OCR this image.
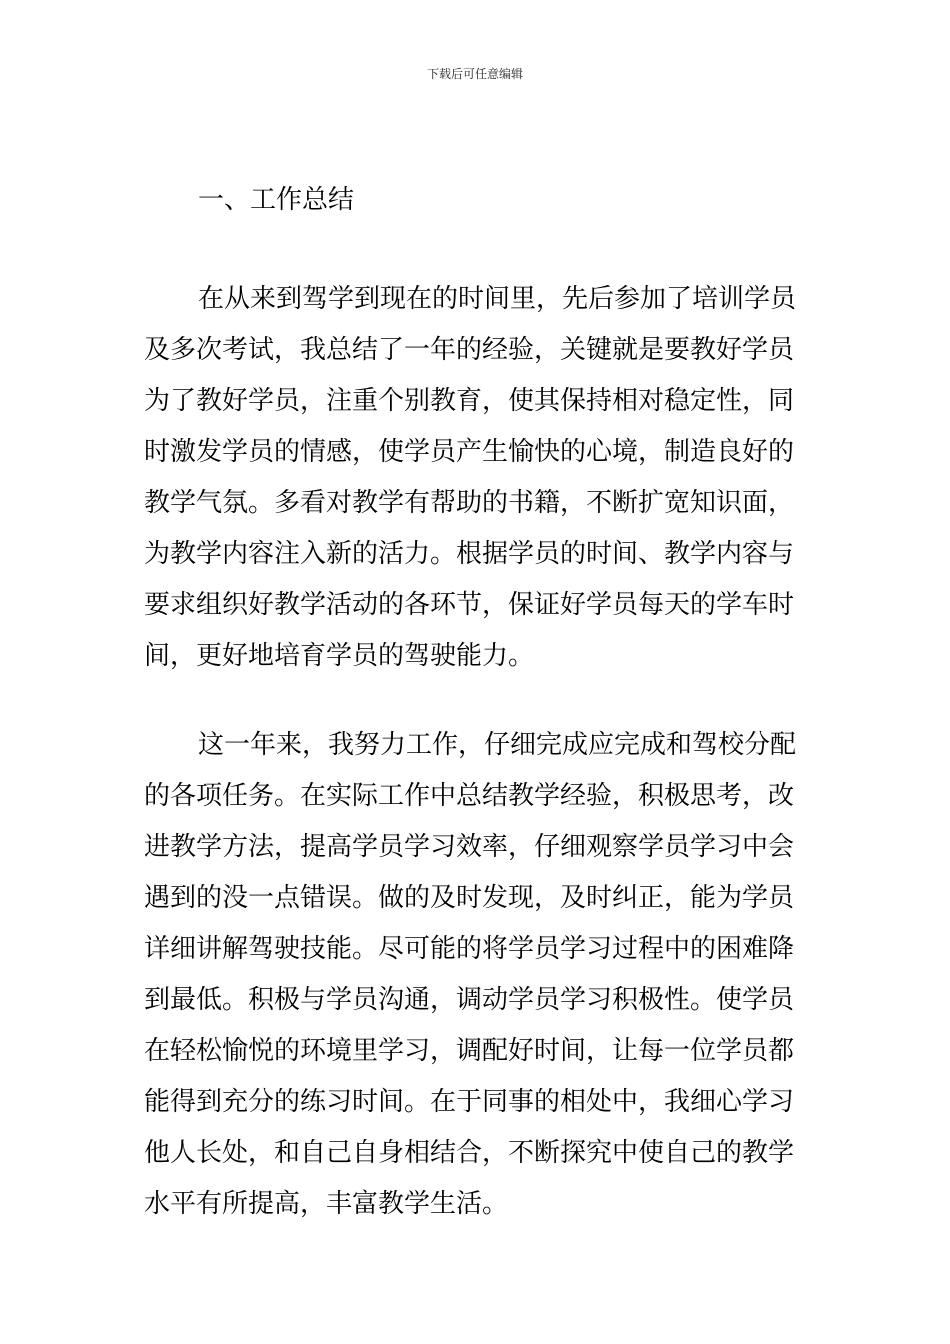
下载后可任意编辑
一、工作总结
在从来到驾学到现在的时间里，先后参加了培训学员
及多次考试，我总结了一年的经验，关键就是要教好学员
为了教好学员，注重个别教育，使其保持相对稳定性，同
时激发学员的情感，使学员产生愉快的心境，制造良好的
教学气氛。多看对教学有帮助的书籍，不断扩宽知识面，
为教学内容注入新的活力。根据学员的时间、教学内容与
要求组织好教学活动的各环节，保证好学员每天的学车时
间，更好地培育学员的驾驶能力。
这一年来，我努力工作，仔细完成应完成和驾校分配
的各项任务。在实际工作中总结教学经验，积极思考，改
进教学方法，提高学员学习效率，仔细观察学员学习中会
遇到的没一点错误。做的及时发现，及时纠正，能为学员
详细讲解驾驶技能。尽可能的将学员学习过程中的困难降
到最低。积极与学员沟通，调动学员学习积极性。使学员
在轻松愉悦的环境里学习，调配好时间，让每一位学员都
能得到充分的练习时间。在于同事的相处中，我细心学习
他人长处，和自己自身相结合，不断探究中使自己的教学
水平有所提高，丰富教学生活。
